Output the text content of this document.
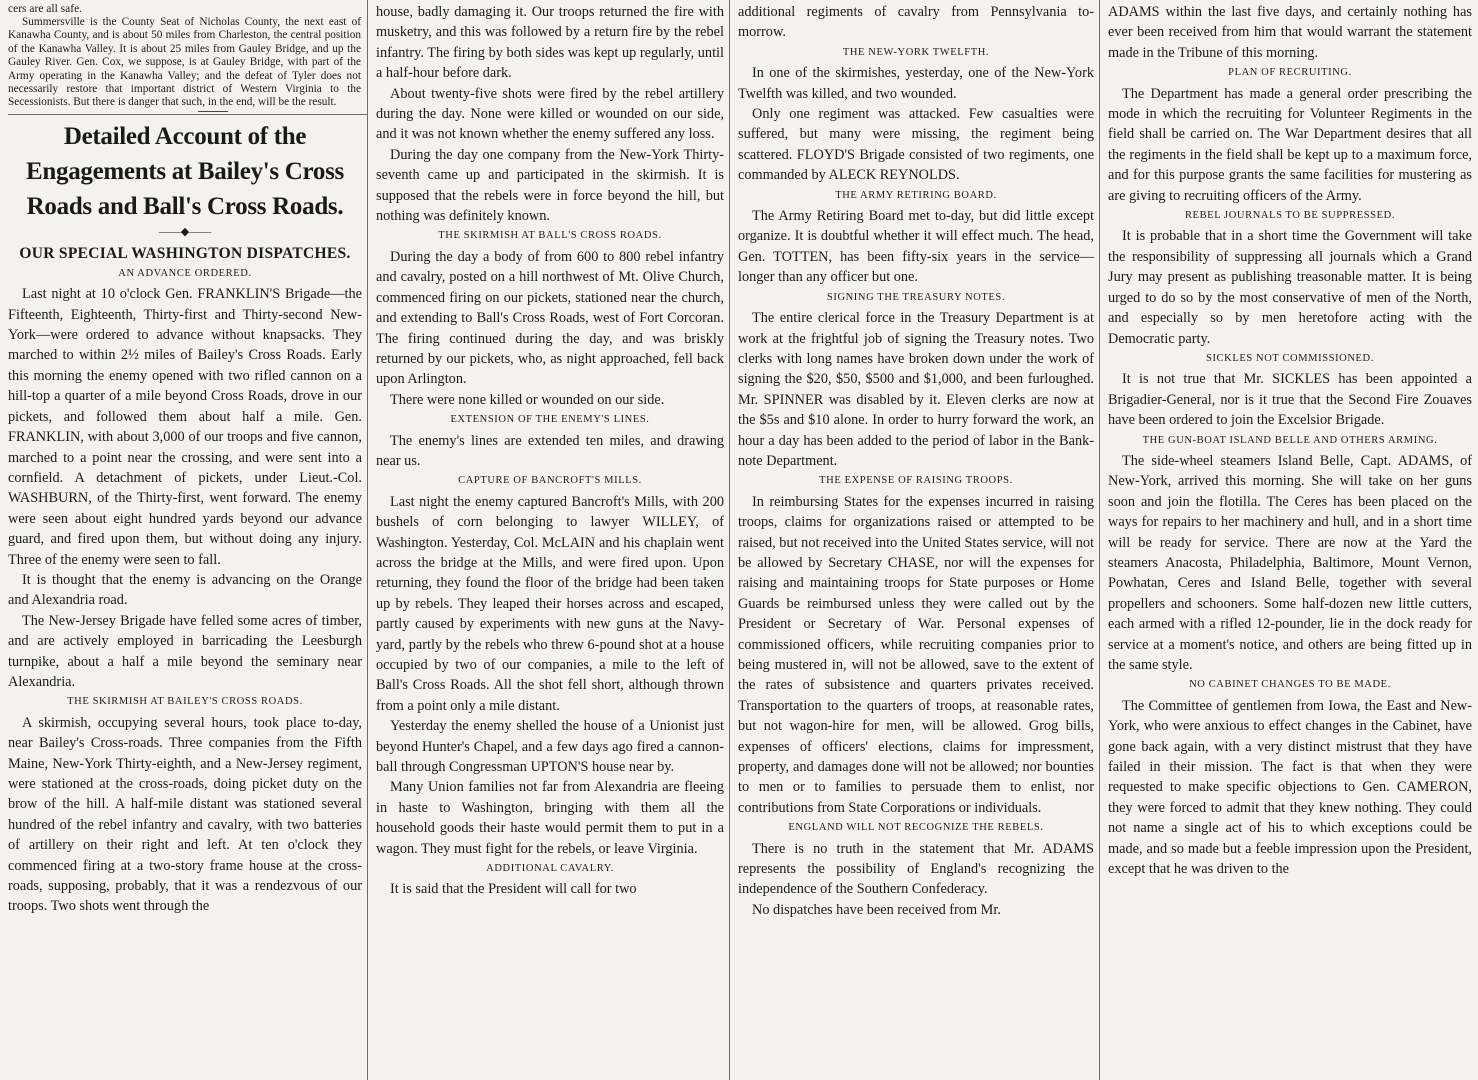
cers are all safe.

Summersville is the County Seat of Nicholas County, the next east of Kanawha County, and is about 50 miles from Charleston, the central position of the Kanawha Valley. It is about 25 miles from Gauley Bridge, and up the Gauley River. Gen. Cox, we suppose, is at Gauley Bridge, with part of the Army operating in the Kanawha Valley; and the defeat of Tyler does not necessarily restore that important district of Western Virginia to the Secessionists. But there is danger that such, in the end, will be the result.

Detailed Account of the Engagements at Bailey's Cross Roads and Ball's Cross Roads.
——◆——
OUR SPECIAL WASHINGTON DISPATCHES.
AN ADVANCE ORDERED.

Last night at 10 o'clock Gen. FRANKLIN'S Brigade—the Fifteenth, Eighteenth, Thirty-first and Thirty-second New-York—were ordered to advance without knapsacks. They marched to within 2½ miles of Bailey's Cross Roads. Early this morning the enemy opened with two rifled cannon on a hill-top a quarter of a mile beyond Cross Roads, drove in our pickets, and followed them about half a mile. Gen. FRANKLIN, with about 3,000 of our troops and five cannon, marched to a point near the crossing, and were sent into a cornfield. A detachment of pickets, under Lieut.-Col. WASHBURN, of the Thirty-first, went forward. The enemy were seen about eight hundred yards beyond our advance guard, and fired upon them, but without doing any injury. Three of the enemy were seen to fall.

It is thought that the enemy is advancing on the Orange and Alexandria road.

The New-Jersey Brigade have felled some acres of timber, and are actively employed in barricading the Leesburgh turnpike, about a half a mile beyond the seminary near Alexandria.

THE SKIRMISH AT BAILEY'S CROSS ROADS.

A skirmish, occupying several hours, took place to-day, near Bailey's Cross-roads. Three companies from the Fifth Maine, New-York Thirty-eighth, and a New-Jersey regiment, were stationed at the cross-roads, doing picket duty on the brow of the hill. A half-mile distant was stationed several hundred of the rebel infantry and cavalry, with two batteries of artillery on their right and left. At ten o'clock they commenced firing at a two-story frame house at the cross-roads, supposing, probably, that it was a rendezvous of our troops. Two shots went through the

house, badly damaging it. Our troops returned the fire with musketry, and this was followed by a return fire by the rebel infantry. The firing by both sides was kept up regularly, until a half-hour before dark.

About twenty-five shots were fired by the rebel artillery during the day. None were killed or wounded on our side, and it was not known whether the enemy suffered any loss.

During the day one company from the New-York Thirty-seventh came up and participated in the skirmish. It is supposed that the rebels were in force beyond the hill, but nothing was definitely known.

THE SKIRMISH AT BALL'S CROSS ROADS.

During the day a body of from 600 to 800 rebel infantry and cavalry, posted on a hill northwest of Mt. Olive Church, commenced firing on our pickets, stationed near the church, and extending to Ball's Cross Roads, west of Fort Corcoran. The firing continued during the day, and was briskly returned by our pickets, who, as night approached, fell back upon Arlington.

There were none killed or wounded on our side.

EXTENSION OF THE ENEMY'S LINES.

The enemy's lines are extended ten miles, and drawing near us.

CAPTURE OF BANCROFT'S MILLS.

Last night the enemy captured Bancroft's Mills, with 200 bushels of corn belonging to lawyer WILLEY, of Washington. Yesterday, Col. McLAIN and his chaplain went across the bridge at the Mills, and were fired upon. Upon returning, they found the floor of the bridge had been taken up by rebels. They leaped their horses across and escaped, partly caused by experiments with new guns at the Navy-yard, partly by the rebels who threw 6-pound shot at a house occupied by two of our companies, a mile to the left of Ball's Cross Roads. All the shot fell short, although thrown from a point only a mile distant.

Yesterday the enemy shelled the house of a Unionist just beyond Hunter's Chapel, and a few days ago fired a cannon-ball through Congressman UPTON'S house near by.

Many Union families not far from Alexandria are fleeing in haste to Washington, bringing with them all the household goods their haste would permit them to put in a wagon. They must fight for the rebels, or leave Virginia.

ADDITIONAL CAVALRY.

It is said that the President will call for two

additional regiments of cavalry from Pennsylvania to-morrow.

THE NEW-YORK TWELFTH.

In one of the skirmishes, yesterday, one of the New-York Twelfth was killed, and two wounded.

Only one regiment was attacked. Few casualties were suffered, but many were missing, the regiment being scattered. FLOYD'S Brigade consisted of two regiments, one commanded by ALECK REYNOLDS.

THE ARMY RETIRING BOARD.

The Army Retiring Board met to-day, but did little except organize. It is doubtful whether it will effect much. The head, Gen. TOTTEN, has been fifty-six years in the service—longer than any officer but one.

SIGNING THE TREASURY NOTES.

The entire clerical force in the Treasury Department is at work at the frightful job of signing the Treasury notes. Two clerks with long names have broken down under the work of signing the $20, $50, $500 and $1,000, and been furloughed. Mr. SPINNER was disabled by it. Eleven clerks are now at the $5s and $10 alone. In order to hurry forward the work, an hour a day has been added to the period of labor in the Bank-note Department.

THE EXPENSE OF RAISING TROOPS.

In reimbursing States for the expenses incurred in raising troops, claims for organizations raised or attempted to be raised, but not received into the United States service, will not be allowed by Secretary CHASE, nor will the expenses for raising and maintaining troops for State purposes or Home Guards be reimbursed unless they were called out by the President or Secretary of War. Personal expenses of commissioned officers, while recruiting companies prior to being mustered in, will not be allowed, save to the extent of the rates of subsistence and quarters privates received. Transportation to the quarters of troops, at reasonable rates, but not wagon-hire for men, will be allowed. Grog bills, expenses of officers' elections, claims for impressment, property, and damages done will not be allowed; nor bounties to men or to families to persuade them to enlist, nor contributions from State Corporations or individuals.

ENGLAND WILL NOT RECOGNIZE THE REBELS.

There is no truth in the statement that Mr. ADAMS represents the possibility of England's recognizing the independence of the Southern Confederacy.

No dispatches have been received from Mr.

ADAMS within the last five days, and certainly nothing has ever been received from him that would warrant the statement made in the Tribune of this morning.

PLAN OF RECRUITING.

The Department has made a general order prescribing the mode in which the recruiting for Volunteer Regiments in the field shall be carried on. The War Department desires that all the regiments in the field shall be kept up to a maximum force, and for this purpose grants the same facilities for mustering as are giving to recruiting officers of the Army.

REBEL JOURNALS TO BE SUPPRESSED.

It is probable that in a short time the Government will take the responsibility of suppressing all journals which a Grand Jury may present as publishing treasonable matter. It is being urged to do so by the most conservative of men of the North, and especially so by men heretofore acting with the Democratic party.

SICKLES NOT COMMISSIONED.

It is not true that Mr. SICKLES has been appointed a Brigadier-General, nor is it true that the Second Fire Zouaves have been ordered to join the Excelsior Brigade.

THE GUN-BOAT ISLAND BELLE AND OTHERS ARMING.

The side-wheel steamers Island Belle, Capt. ADAMS, of New-York, arrived this morning. She will take on her guns soon and join the flotilla. The Ceres has been placed on the ways for repairs to her machinery and hull, and in a short time will be ready for service. There are now at the Yard the steamers Anacosta, Philadelphia, Baltimore, Mount Vernon, Powhatan, Ceres and Island Belle, together with several propellers and schooners. Some half-dozen new little cutters, each armed with a rifled 12-pounder, lie in the dock ready for service at a moment's notice, and others are being fitted up in the same style.

NO CABINET CHANGES TO BE MADE.

The Committee of gentlemen from Iowa, the East and New-York, who were anxious to effect changes in the Cabinet, have gone back again, with a very distinct mistrust that they have failed in their mission. The fact is that when they were requested to make specific objections to Gen. CAMERON, they were forced to admit that they knew nothing. They could not name a single act of his to which exceptions could be made, and so made but a feeble impression upon the President, except that he was driven to the
